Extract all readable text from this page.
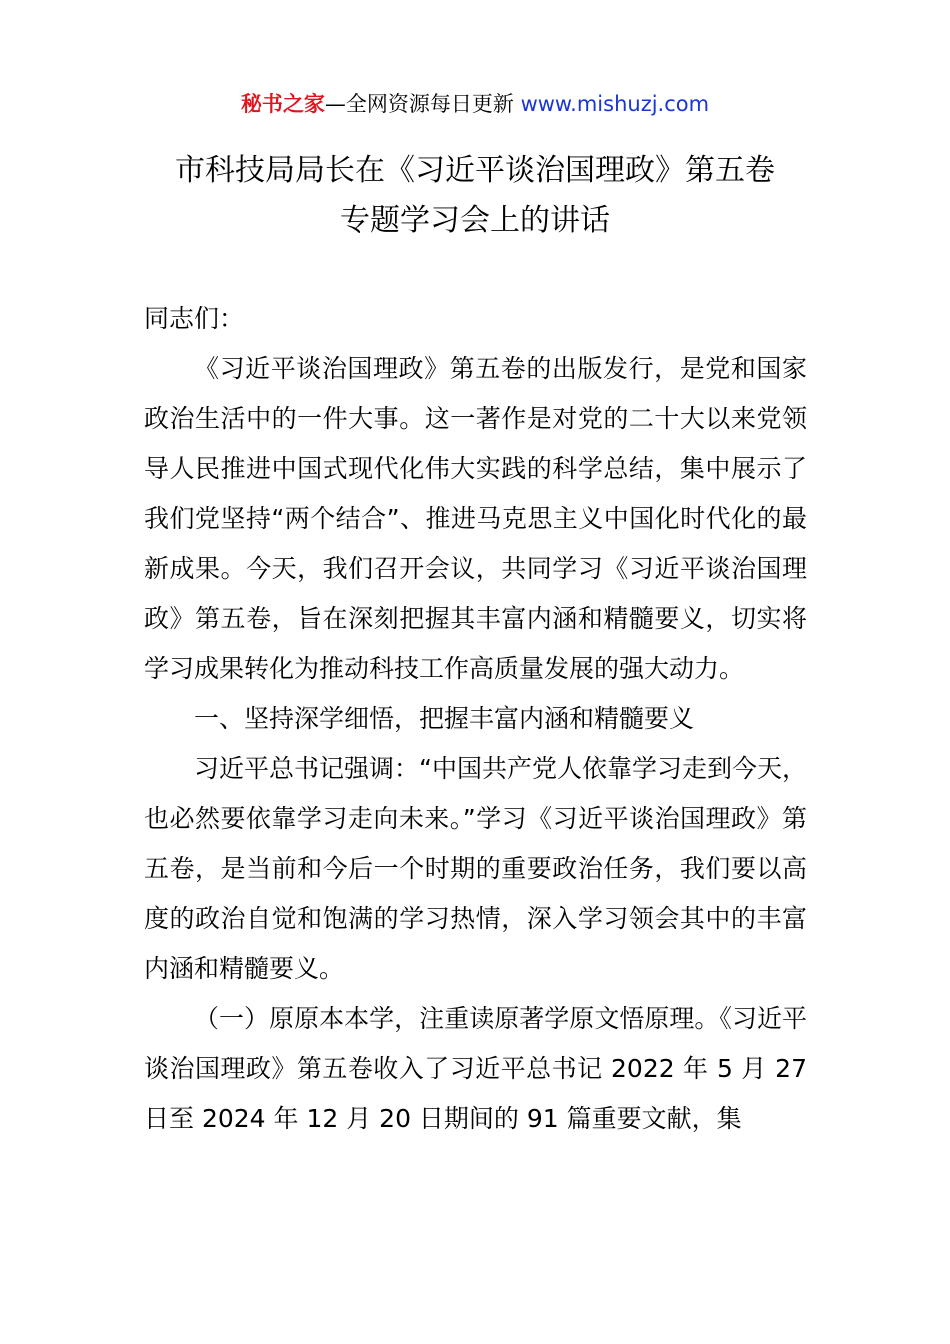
秘书之家—全网资源每日更新 www.mishuzj.com
市科技局局长在《习近平谈治国理政》第五卷
专题学习会上的讲话

同志们：

《习近平谈治国理政》第五卷的出版发行，是党和国家政治生活中的一件大事。这一著作是对党的二十大以来党领导人民推进中国式现代化伟大实践的科学总结，集中展示了我们党坚持“两个结合”、推进马克思主义中国化时代化的最新成果。今天，我们召开会议，共同学习《习近平谈治国理政》第五卷，旨在深刻把握其丰富内涵和精髓要义，切实将学习成果转化为推动科技工作高质量发展的强大动力。

一、坚持深学细悟，把握丰富内涵和精髓要义

习近平总书记强调：“中国共产党人依靠学习走到今天，也必然要依靠学习走向未来。”学习《习近平谈治国理政》第五卷，是当前和今后一个时期的重要政治任务，我们要以高度的政治自觉和饱满的学习热情，深入学习领会其中的丰富内涵和精髓要义。

（一）原原本本学，注重读原著学原文悟原理。《习近平谈治国理政》第五卷收入了习近平总书记 2022 年 5 月 27 日至 2024 年 12 月 20 日期间的 91 篇重要文献，集
